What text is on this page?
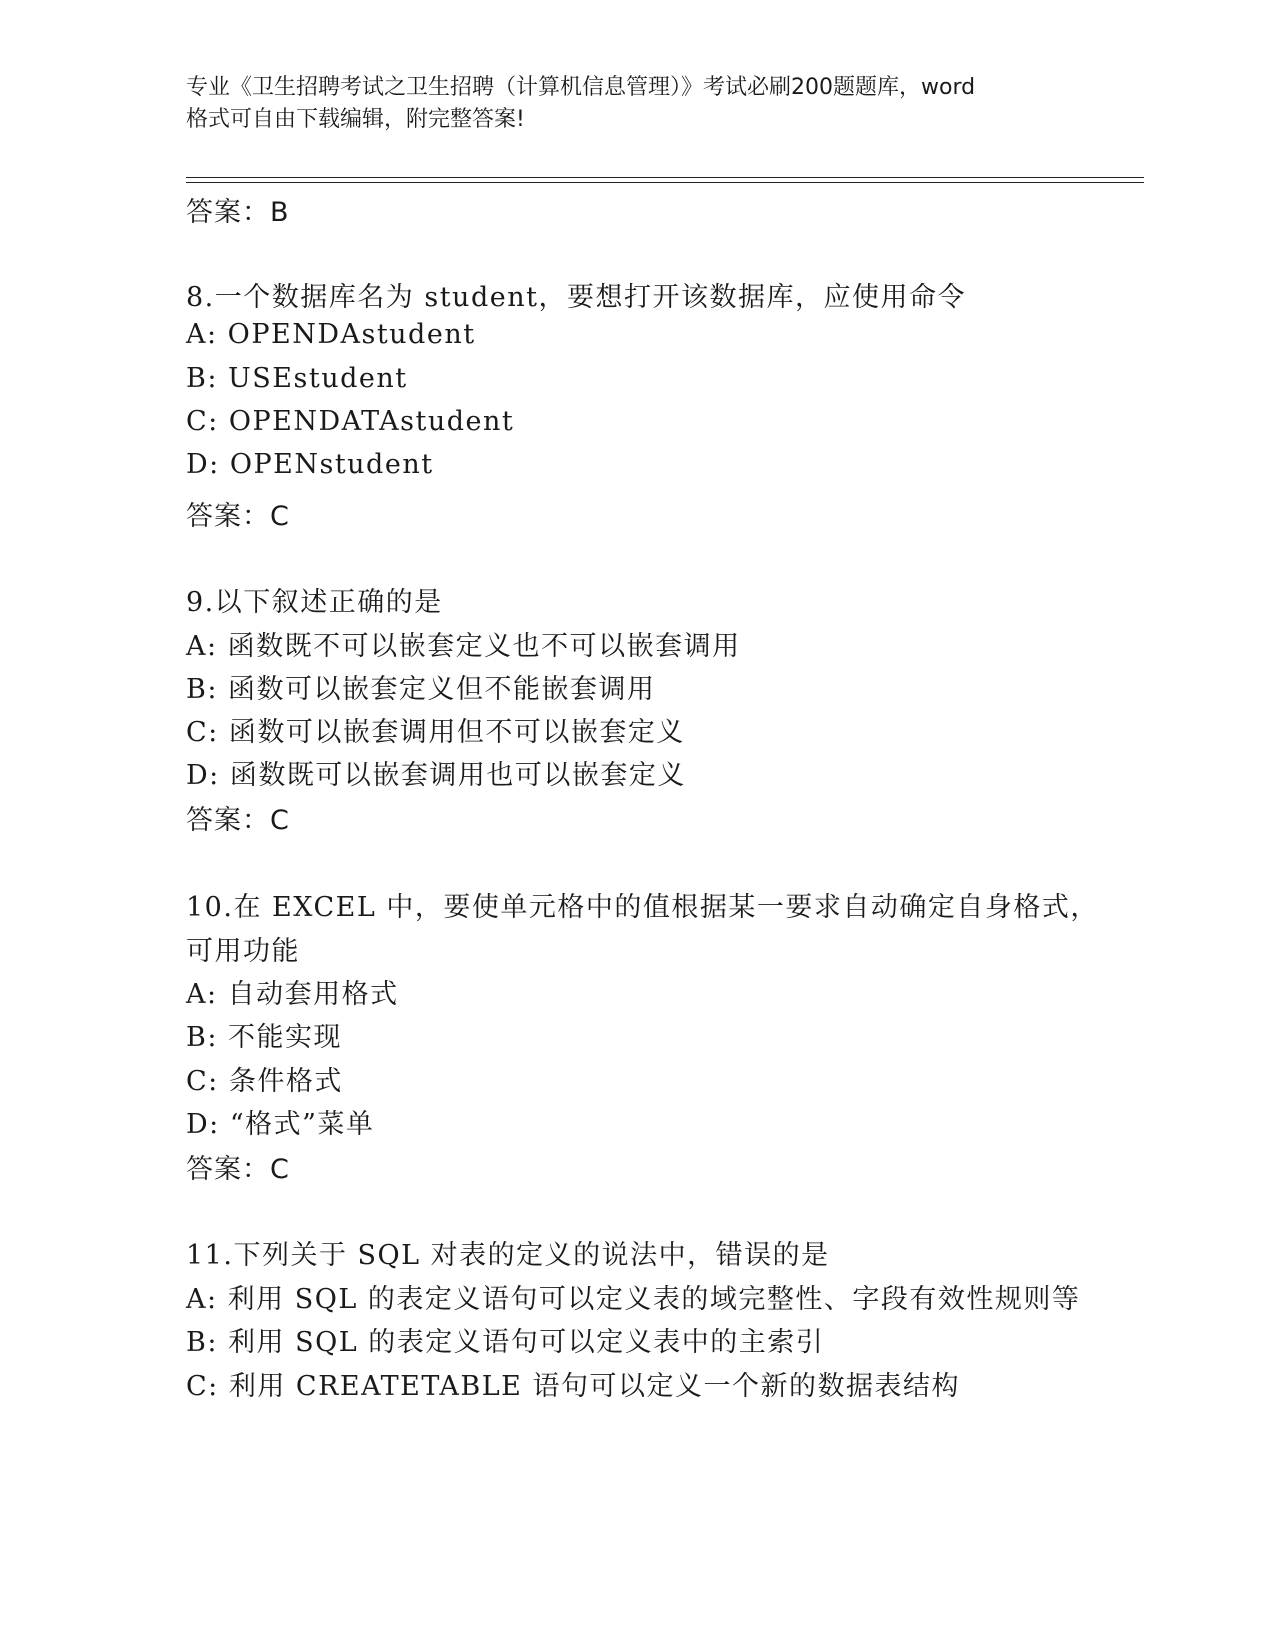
专业《卫生招聘考试之卫生招聘（计算机信息管理）》考试必刷200题题库，word
格式可自由下载编辑，附完整答案!
答案：B
8.一个数据库名为 student，要想打开该数据库，应使用命令
A: OPENDAstudent
B: USEstudent
C: OPENDATAstudent
D: OPENstudent
答案：C
9.以下叙述正确的是
A: 函数既不可以嵌套定义也不可以嵌套调用
B: 函数可以嵌套定义但不能嵌套调用
C: 函数可以嵌套调用但不可以嵌套定义
D: 函数既可以嵌套调用也可以嵌套定义
答案：C
10.在 EXCEL 中，要使单元格中的值根据某一要求自动确定自身格式，
可用功能
A: 自动套用格式
B: 不能实现
C: 条件格式
D: “格式”菜单
答案：C
11.下列关于 SQL 对表的定义的说法中，错误的是
A: 利用 SQL 的表定义语句可以定义表的域完整性、字段有效性规则等
B: 利用 SQL 的表定义语句可以定义表中的主索引
C: 利用 CREATETABLE 语句可以定义一个新的数据表结构
